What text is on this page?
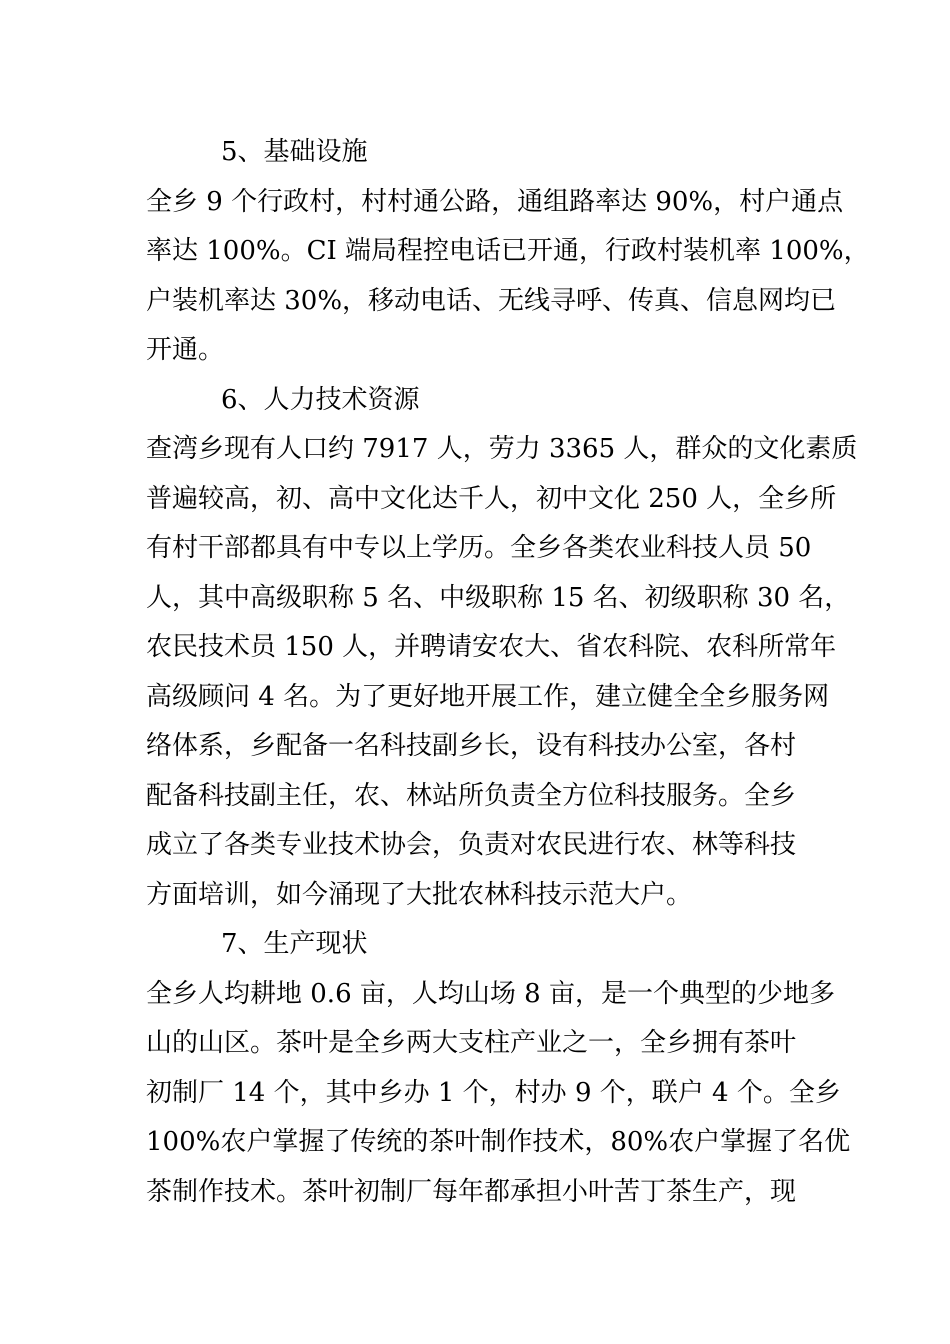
5、基础设施

全乡 9 个行政村，村村通公路，通组路率达 90%，村户通点

率达 100%。CI 端局程控电话已开通，行政村装机率 100%，

户装机率达 30%，移动电话、无线寻呼、传真、信息网均已

开通。

6、人力技术资源

查湾乡现有人口约 7917 人，劳力 3365 人，群众的文化素质

普遍较高，初、高中文化达千人，初中文化 250 人，全乡所

有村干部都具有中专以上学历。全乡各类农业科技人员 50

人，其中高级职称 5 名、中级职称 15 名、初级职称 30 名，

农民技术员 150 人，并聘请安农大、省农科院、农科所常年

高级顾问 4 名。为了更好地开展工作，建立健全全乡服务网

络体系，乡配备一名科技副乡长，设有科技办公室，各村

配备科技副主任，农、林站所负责全方位科技服务。全乡

成立了各类专业技术协会，负责对农民进行农、林等科技

方面培训，如今涌现了大批农林科技示范大户。

7、生产现状

全乡人均耕地 0.6 亩，人均山场 8 亩，是一个典型的少地多

山的山区。茶叶是全乡两大支柱产业之一，全乡拥有茶叶

初制厂 14 个，其中乡办 1 个，村办 9 个，联户 4 个。全乡

100%农户掌握了传统的茶叶制作技术，80%农户掌握了名优

茶制作技术。茶叶初制厂每年都承担小叶苦丁茶生产，现
